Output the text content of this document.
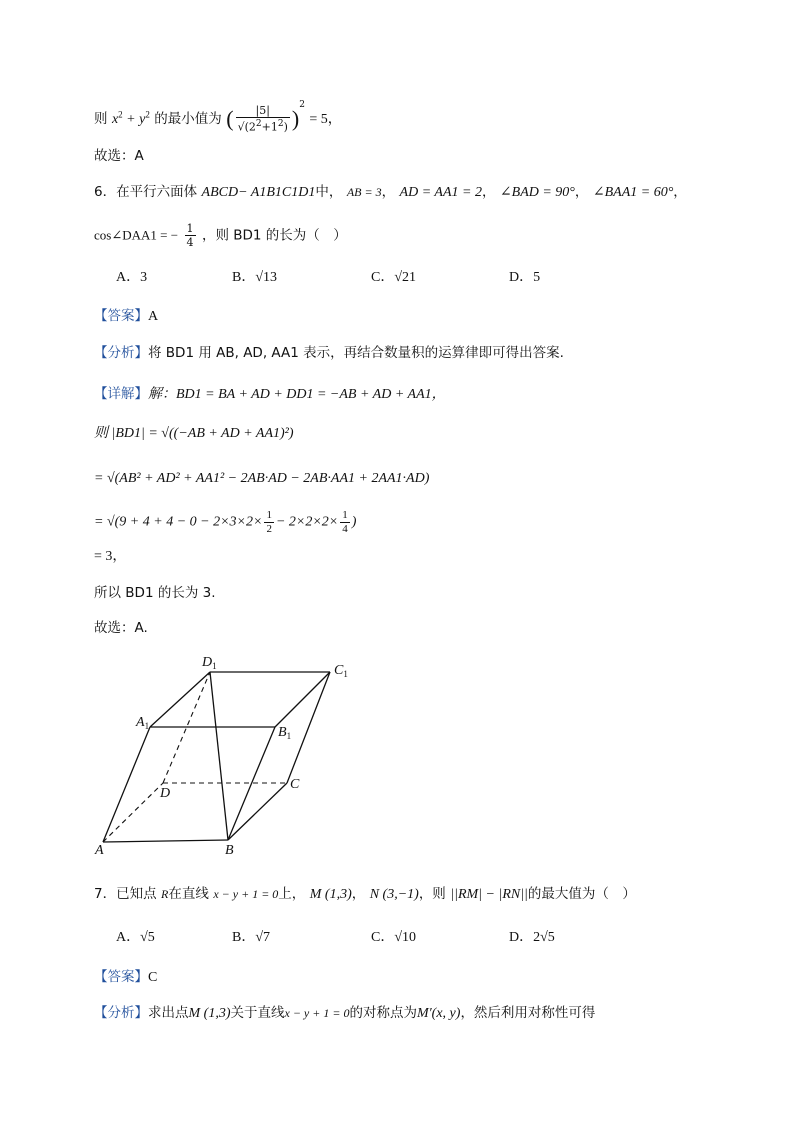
则 $x^2 + y^2$ 的最小值为 ( $\frac{|5|}{√(2^2+1^2)} )^2 = 5$，
故选：A
6．在平行六面体 ABCD− A1B1C1D1中， AB = 3， AD = AA1 = 2， ∠BAD = 90°， ∠BAA1 = 60°，
cos∠DAA1 = − $\frac{1}{4}$ ，则 BD1 的长为（　）
A．3	B．√13	C．√21	D．5
【答案】A
【分析】将 BD1 用 AB, AD, AA1 表示，再结合数量积的运算律即可得出答案.
【详解】解：BD1 = BA + AD + DD1 = −AB + AD + AA1，
则 |BD1| = √((−AB + AD + AA1)²)
= √(AB² + AD² + AA1² − 2AB·AD − 2AB·AA1 + 2AA1·AD)
= $√(9 + 4 + 4 - 0 - 2\times 3\times 2\times \frac{1}{2} - 2\times 2\times 2\times \frac{1}{4}$ )
= 3，
所以 BD1 的长为 3.
故选：A.
$D_1$	$C_1$
$A_1$	$B_1$
D
C
A	B
7．已知点 R在直线 x − y + 1 = 0上， M (1,3)， N (3,−1)，则 ||RM| − |RN||的最大值为（　）
A．√5	B．√7	C．√10	D．2√5
【答案】C
【分析】求出点M (1,3)关于直线x − y + 1 = 0的对称点为M′(x, y)，然后利用对称性可得
